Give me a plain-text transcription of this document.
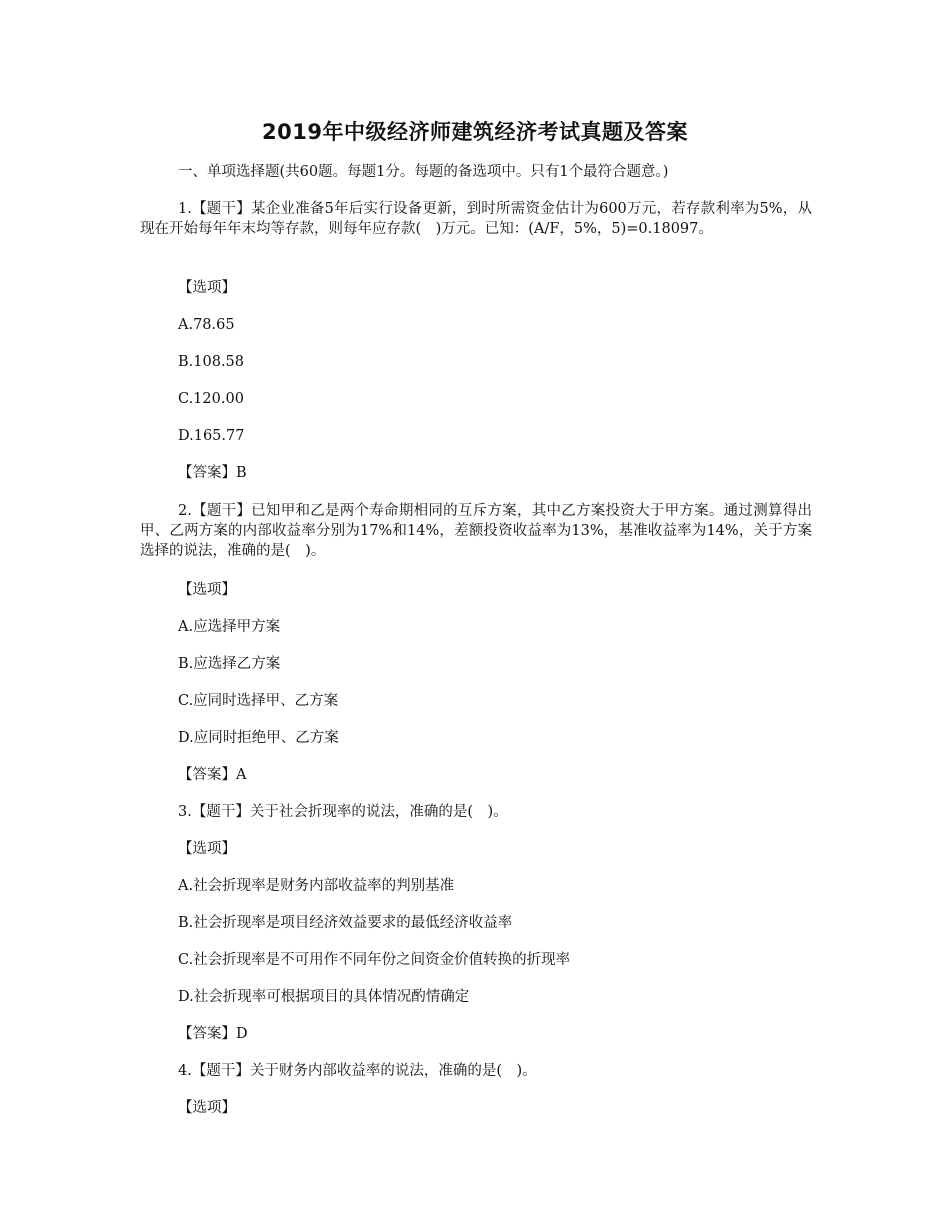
2019年中级经济师建筑经济考试真题及答案
一、单项选择题(共60题。每题1分。每题的备选项中。只有1个最符合题意。)
1.【题干】某企业准备5年后实行设备更新，到时所需资金估计为600万元，若存款利率为5%，从现在开始每年年末均等存款，则每年应存款(　)万元。已知：(A/F，5%，5)=0.18097。
【选项】
A.78.65
B.108.58
C.120.00
D.165.77
【答案】B
2.【题干】已知甲和乙是两个寿命期相同的互斥方案，其中乙方案投资大于甲方案。通过测算得出甲、乙两方案的内部收益率分别为17%和14%，差额投资收益率为13%，基准收益率为14%，关于方案选择的说法，准确的是(　)。
【选项】
A.应选择甲方案
B.应选择乙方案
C.应同时选择甲、乙方案
D.应同时拒绝甲、乙方案
【答案】A
3.【题干】关于社会折现率的说法，准确的是(　)。
【选项】
A.社会折现率是财务内部收益率的判别基准
B.社会折现率是项目经济效益要求的最低经济收益率
C.社会折现率是不可用作不同年份之间资金价值转换的折现率
D.社会折现率可根据项目的具体情况酌情确定
【答案】D
4.【题干】关于财务内部收益率的说法，准确的是(　)。
【选项】
